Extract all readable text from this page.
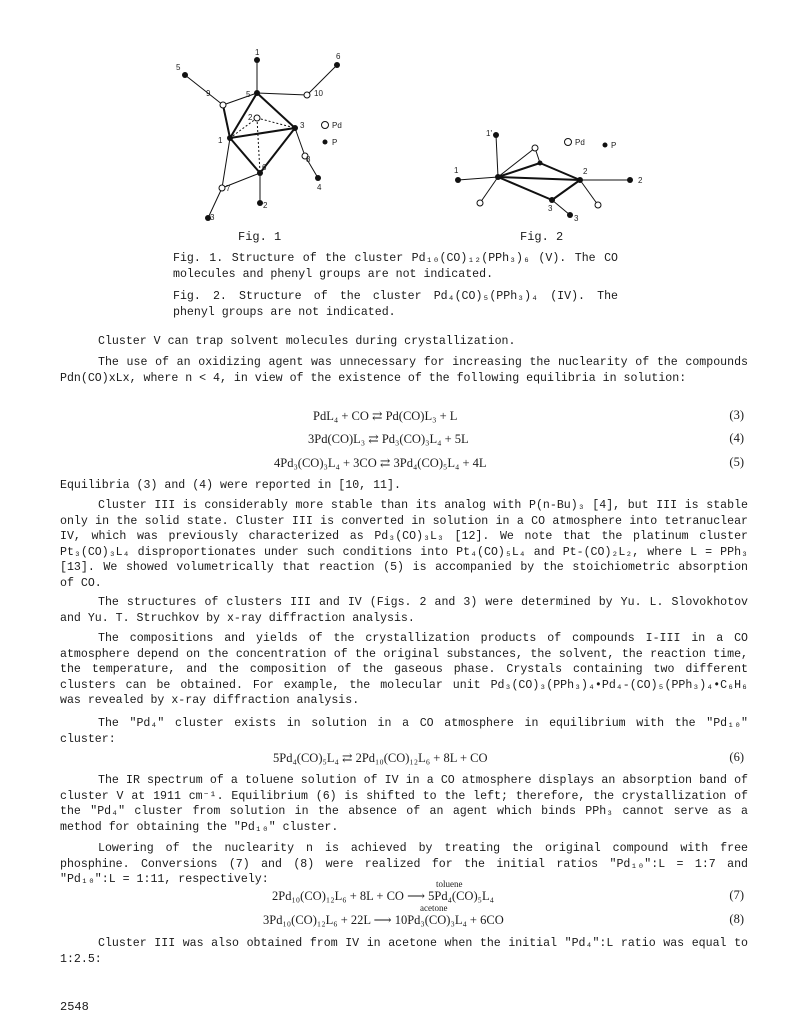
Pd
P
5
1	6
9	5	10
2
3
1
6
8
7	4
3
2
1'
Pd	P
1	2
2
3
3
Fig. 1	Fig. 2
Fig. 1. Structure of the cluster Pd₁₀(CO)₁₂(PPh₃)₆ (V). The CO molecules and phenyl groups are not indicated.
Fig. 2. Structure of the cluster Pd₄(CO)₅(PPh₃)₄ (IV). The phenyl groups are not indicated.
Cluster V can trap solvent molecules during crystallization.
The use of an oxidizing agent was unnecessary for increasing the nuclearity of the compounds Pdn(CO)xLx, where n < 4, in view of the existence of the following equilibria in solution:
PdL₄ + CO ⇄ Pd(CO)L₃ + L	(3)
3Pd(CO)L₃ ⇄ Pd₃(CO)₃L₄ + 5L	(4)
4Pd₃(CO)₃L₄ + 3CO ⇄ 3Pd₄(CO)₅L₄ + 4L	(5)
Equilibria (3) and (4) were reported in [10, 11].
Cluster III is considerably more stable than its analog with P(n-Bu)₃ [4], but III is stable only in the solid state. Cluster III is converted in solution in a CO atmosphere into tetranuclear IV, which was previously characterized as Pd₃(CO)₃L₃ [12]. We note that the platinum cluster Pt₃(CO)₃L₄ disproportionates under such conditions into Pt₄(CO)₅L₄ and Pt-(CO)₂L₂, where L = PPh₃ [13]. We showed volumetrically that reaction (5) is accompanied by the stoichiometric absorption of CO.
The structures of clusters III and IV (Figs. 2 and 3) were determined by Yu. L. Slovokhotov and Yu. T. Struchkov by x-ray diffraction analysis.
The compositions and yields of the crystallization products of compounds I-III in a CO atmosphere depend on the concentration of the original substances, the solvent, the reaction time, the temperature, and the composition of the gaseous phase. Crystals containing two different clusters can be obtained. For example, the molecular unit Pd₃(CO)₃(PPh₃)₄•Pd₄-(CO)₅(PPh₃)₄•C₆H₆ was revealed by x-ray diffraction analysis.
The "Pd₄" cluster exists in solution in a CO atmosphere in equilibrium with the "Pd₁₀" cluster:
5Pd₄(CO)₅L₄ ⇄ 2Pd₁₀(CO)₁₂L₆ + 8L + CO	(6)
The IR spectrum of a toluene solution of IV in a CO atmosphere displays an absorption band of cluster V at 1911 cm⁻¹. Equilibrium (6) is shifted to the left; therefore, the crystallization of the "Pd₄" cluster from solution in the absence of an agent which binds PPh₃ cannot serve as a method for obtaining the "Pd₁₀" cluster.
Lowering of the nuclearity n is achieved by treating the original compound with free phosphine. Conversions (7) and (8) were realized for the initial ratios "Pd₁₀":L = 1:7 and "Pd₁₀":L = 1:11, respectively:	toluene
2Pd₁₀(CO)₁₂L₆ + 8L + CO ⟶ 5Pd₄(CO)₅L₄	(7)
acetone
3Pd₁₀(CO)₁₂L₆ + 22L ⟶ 10Pd₃(CO)₃L₄ + 6CO	(8)
Cluster III was also obtained from IV in acetone when the initial "Pd₄":L ratio was equal to 1:2.5:
2548
